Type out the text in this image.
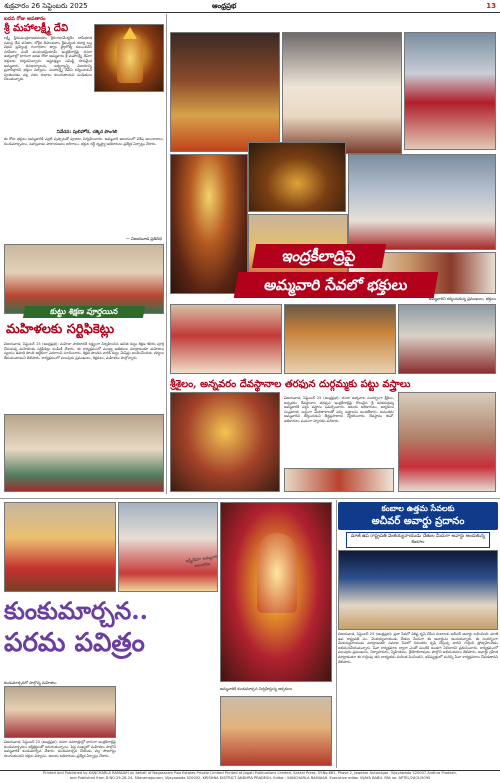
శుక్రవారం 26 సెప్టెంబరు 2025	ఆంధ్రప్రభ	13
ఐదవ రోజు అవతారం
శ్రీ మహాలక్ష్మీ దేవి
లక్ష్మీ క్షీరసముద్రరాజతనయాం శ్రీరంగధామేశ్వరీం దాసీభూత సమస్త దేవ వనితాం లోకైక దీపాంకురాం శ్రీమన్మంద కటాక్ష లబ్ధ విభవ బ్రహ్మేంద్ర గంగాధరాం త్వాం త్రైలోక్య కుటుంబినీం సరసిజాం వందే ముకుందప్రియామ్ ఇంద్రకీలాద్రిపై దసరా ఉత్సవాల్లో భాగంగా ఐదవ రోజు అమ్మవారు శ్రీ మహాలక్ష్మీ దేవిగా భక్తులకు దర్శనమిచ్చారు. అష్టలక్ష్ముల సమిష్టి రూపమైన అమ్మవారు ధనధాన్యాలను, ఐశ్వర్యాన్ని, విజయాన్ని ప్రసాదిస్తారని భక్తుల విశ్వాసం. మహాలక్ష్మీ దేవిని దర్శించుకుని పూజించడం వల్ల సకల శుభాలు కలుగుతాయని పండితులు చెబుతున్నారు.
నివేదన: పులిహోర, చక్కెర పొంగలి
ఈ రోజు భక్తులు అమ్మవారికి ఎర్రటి పుష్పాలతో పూజలు నిర్వహించారు. అమ్మవారి ఆలయంలో విశేష అలంకారాలు, కుంకుమార్చనలు, సహస్రనామ పారాయణలు జరిగాయి. భక్తుల రద్దీ దృష్ట్యా అధికారులు ప్రత్యేక ఏర్పాట్లు చేశారు.
— విజయవాడ ప్రతినిధి
ఇంద్రకీలాద్రిపై
అమ్మవారి సేవలో భక్తులు
అమ్మవారిని దర్శించుకున్న ప్రముఖులు, భక్తులు
కుట్టు శిక్షణ పూర్తయిన
మహిళలకు సర్టిఫికెట్లు
విజయవాడ, సెప్టెంబర్ 25 (ఆంధ్రప్రభ): మహిళా సాధికారతే లక్ష్యంగా నిర్వహించిన ఉచిత కుట్టు శిక్షణ శిబిరం పూర్తి చేసుకున్న మహిళలకు సర్టిఫికెట్లు పంపిణీ చేశారు. ఈ కార్యక్రమంలో ముఖ్య అతిథులు మాట్లాడుతూ మహిళలు స్వయం ఉపాధి పొంది ఆర్థికంగా ఎదగాలని సూచించారు. శిక్షణ పొందిన వారికి కుట్టు మెషీన్లు అందించేందుకు చర్యలు తీసుకుంటామని తెలిపారు. కార్యక్రమంలో పలువురు ప్రముఖులు, శిక్షకులు, మహిళలు పాల్గొన్నారు.
శ్రీశైలం, అన్నవరం దేవస్థానాల తరఫున దుర్గమ్మకు పట్టు వస్త్రాలు
విజయవాడ, సెప్టెంబర్ 25 (ఆంధ్రప్రభ): దసరా ఉత్సవాల సందర్భంగా శ్రీశైలం, అన్నవరం దేవస్థానాల తరఫున ఇంద్రకీలాద్రిపై కొలువైన శ్రీ కనకదుర్గమ్మ అమ్మవారికి పట్టు వస్త్రాలు సమర్పించారు. ఆలయ అధికారులు, అర్చకులు సంప్రదాయ బద్ధంగా మేళతాళాలతో వచ్చి వస్త్రాలను అందజేశారు. అనంతరం అమ్మవారిని దర్శించుకుని తీర్థప్రసాదాలు స్వీకరించారు. దేవస్థానం ఈవో, అధికారులు ఘనంగా స్వాగతం పలికారు.
లక్ష్మీదేవిగా అమ్మవారి అలంకరణ
కుంకుమార్చన..
పరమ పవిత్రం
కుంకుమార్చనలో పాల్గొన్న మహిళలు
విజయవాడ, సెప్టెంబర్ 25 (ఆంధ్రప్రభ): దసరా నవరాత్రుల్లో భాగంగా ఇంద్రకీలాద్రిపై కుంకుమార్చనలు భక్తిశ్రద్ధలతో జరుగుతున్నాయి. పెద్ద సంఖ్యలో మహిళలు పాల్గొని అమ్మవారికి కుంకుమార్చన చేశారు. కుంకుమార్చన చేయడం వల్ల సౌభాగ్యం కలుగుతుందని భక్తుల విశ్వాసం. ఆలయ అధికారులు ప్రత్యేక ఏర్పాట్లు చేశారు.
అమ్మవారికి కుంకుమార్చన నిర్వహిస్తున్న అర్చకులు
కంబాల ఉత్తమ సేవలకు
అచీవర్ అవార్డు ప్రదానం
మాజీ ఉప రాష్ట్రపతి వెంకయ్యనాయుడు చేతుల మీదుగా అవార్డు అందుకున్న కంబాల
విజయవాడ, సెప్టెంబర్ 25 (ఆంధ్రప్రభ): ప్రజా సేవలో విశిష్ట కృషి చేసిన కంబాలకు అచీవర్ అవార్డు లభించింది. మాజీ ఉప రాష్ట్రపతి ఎం. వెంకయ్యనాయుడు చేతుల మీదుగా ఈ అవార్డును అందుకున్నారు. ఈ సందర్భంగా వెంకయ్యనాయుడు మాట్లాడుతూ సమాజ సేవలో నిరంతరం కృషి చేస్తున్న వారిని గుర్తించి ప్రోత్సహించడం అభినందనీయమన్నారు. సేవా కార్యక్రమాల ద్వారా ఎంతో మందికి అండగా నిలిచారని ప్రశంసించారు. కార్యక్రమంలో పలువురు ప్రముఖులు, నిర్వాహకులు, స్నేహితులు, శ్రేయోభిలాషులు పాల్గొని అభినందనలు తెలిపారు. అవార్డు గ్రహీత మాట్లాడుతూ ఈ గుర్తింపు తన బాధ్యతను మరింత పెంచిందని, భవిష్యత్తులో మరిన్ని సేవా కార్యక్రమాలు చేపడతానని తెలిపారు.
Printed and Published by KANCHARLA RAMAIAH on behalf of Nagasaram Rao Estates Private Limited Printed at Jagati Publications Limited, Sakshi Press, SY.No.661, Phase 2, Jawahar Autonagar, Vijayawada 520007 Andhra Pradesh,
and Published from D.NO.29-28-24, Sitaramapuram, Vijayawada 520002, KRISHNA DISTRICT ANDHRA PRADESH. Editor : KANCHARLA RAMAIAH. Executive editor VIJAYA BABU. RNI no. APTEL/2001/5095
